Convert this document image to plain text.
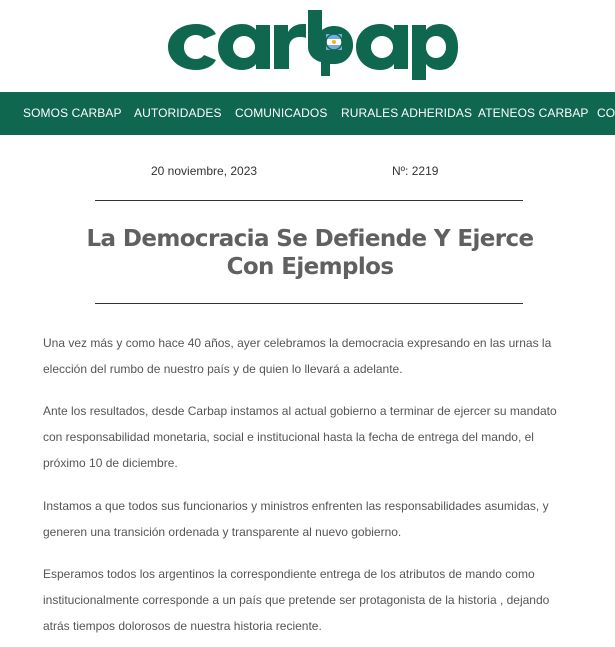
SOMOS CARBAP AUTORIDADES COMUNICADOS RURALES ADHERIDAS ATENEOS CARBAP CO
20 noviembre, 2023	Nº: 2219
La Democracia Se Defiende Y Ejerce
Con Ejemplos

Una vez más y como hace 40 años, ayer celebramos la democracia expresando en las urnas la elección del rumbo de nuestro país y de quien lo llevará a adelante.

Ante los resultados, desde Carbap instamos al actual gobierno a terminar de ejercer su mandato con responsabilidad monetaria, social e institucional hasta la fecha de entrega del mando, el próximo 10 de diciembre.

Instamos a que todos sus funcionarios y ministros enfrenten las responsabilidades asumidas, y generen una transición ordenada y transparente al nuevo gobierno.

Esperamos todos los argentinos la correspondiente entrega de los atributos de mando como institucionalmente corresponde a un país que pretende ser protagonista de la historia , dejando atrás tiempos dolorosos de nuestra historia reciente.
